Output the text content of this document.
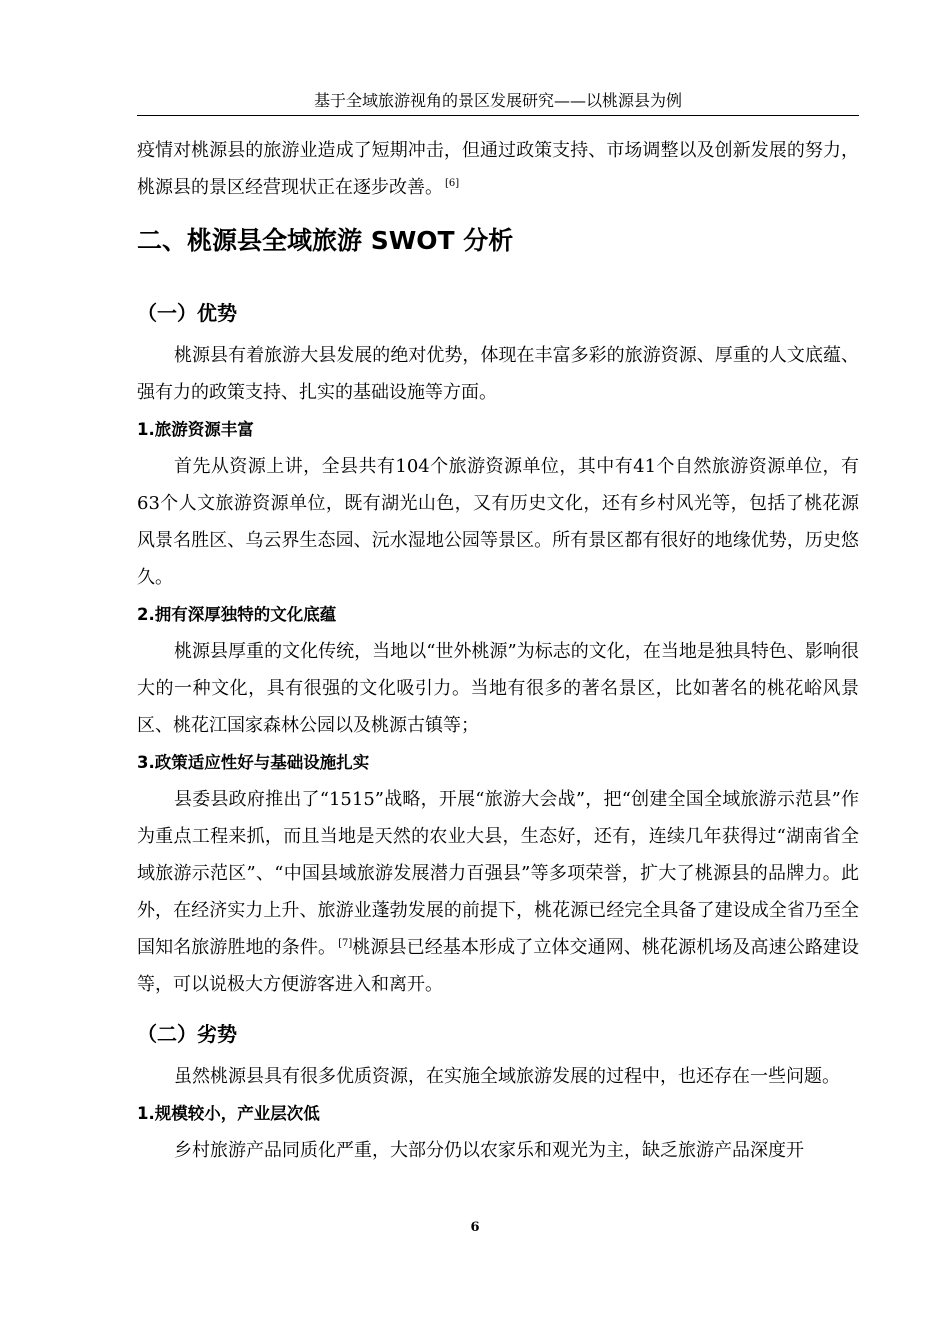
基于全域旅游视角的景区发展研究——以桃源县为例

疫情对桃源县的旅游业造成了短期冲击，但通过政策支持、市场调整以及创新发展的努力，桃源县的景区经营现状正在逐步改善。 [6]

二、桃源县全域旅游 SWOT 分析
（一）优势

桃源县有着旅游大县发展的绝对优势，体现在丰富多彩的旅游资源、厚重的人文底蕴、强有力的政策支持、扎实的基础设施等方面。

1.旅游资源丰富

首先从资源上讲，全县共有104个旅游资源单位，其中有41个自然旅游资源单位，有63个人文旅游资源单位，既有湖光山色，又有历史文化，还有乡村风光等，包括了桃花源风景名胜区、乌云界生态园、沅水湿地公园等景区。所有景区都有很好的地缘优势，历史悠久。

2.拥有深厚独特的文化底蕴

桃源县厚重的文化传统，当地以“世外桃源”为标志的文化，在当地是独具特色、影响很大的一种文化，具有很强的文化吸引力。当地有很多的著名景区，比如著名的桃花峪风景区、桃花江国家森林公园以及桃源古镇等；

3.政策适应性好与基础设施扎实

县委县政府推出了“1515”战略，开展“旅游大会战”，把“创建全国全域旅游示范县”作为重点工程来抓，而且当地是天然的农业大县，生态好，还有，连续几年获得过“湖南省全域旅游示范区”、“中国县域旅游发展潜力百强县”等多项荣誉，扩大了桃源县的品牌力。此外，在经济实力上升、旅游业蓬勃发展的前提下，桃花源已经完全具备了建设成全省乃至全国知名旅游胜地的条件。 [7]桃源县已经基本形成了立体交通网、桃花源机场及高速公路建设等，可以说极大方便游客进入和离开。

（二）劣势

虽然桃源县具有很多优质资源，在实施全域旅游发展的过程中，也还存在一些问题。

1.规模较小，产业层次低

乡村旅游产品同质化严重，大部分仍以农家乐和观光为主，缺乏旅游产品深度开

6
